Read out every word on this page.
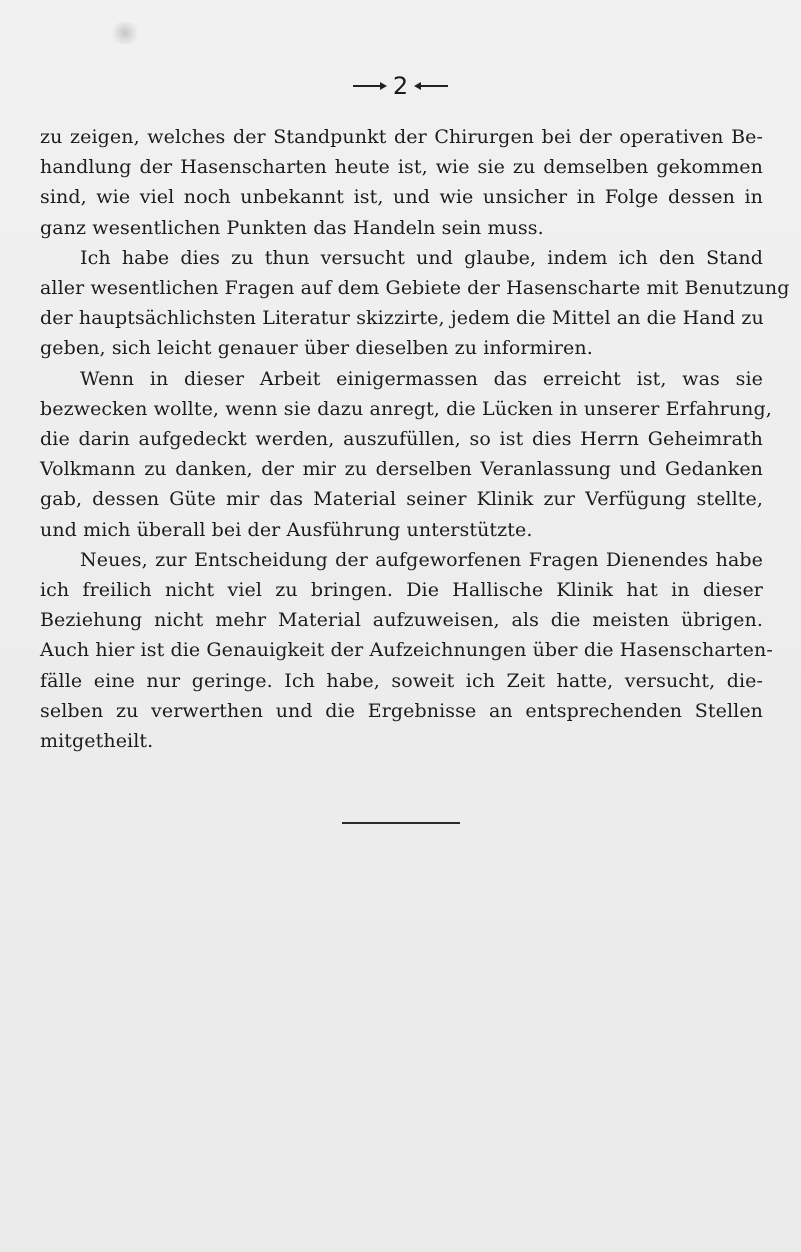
2

zu zeigen, welches der Standpunkt der Chirurgen bei der operativen Be-
handlung der Hasenscharten heute ist, wie sie zu demselben gekommen
sind, wie viel noch unbekannt ist, und wie unsicher in Folge dessen in
ganz wesentlichen Punkten das Handeln sein muss.

Ich habe dies zu thun versucht und glaube, indem ich den Stand
aller wesentlichen Fragen auf dem Gebiete der Hasenscharte mit Benutzung
der hauptsächlichsten Literatur skizzirte, jedem die Mittel an die Hand zu
geben, sich leicht genauer über dieselben zu informiren.

Wenn in dieser Arbeit einigermassen das erreicht ist, was sie
bezwecken wollte, wenn sie dazu anregt, die Lücken in unserer Erfahrung,
die darin aufgedeckt werden, auszufüllen, so ist dies Herrn Geheimrath
Volkmann zu danken, der mir zu derselben Veranlassung und Gedanken
gab, dessen Güte mir das Material seiner Klinik zur Verfügung stellte,
und mich überall bei der Ausführung unterstützte.

Neues, zur Entscheidung der aufgeworfenen Fragen Dienendes habe
ich freilich nicht viel zu bringen. Die Hallische Klinik hat in dieser
Beziehung nicht mehr Material aufzuweisen, als die meisten übrigen.
Auch hier ist die Genauigkeit der Aufzeichnungen über die Hasenscharten-
fälle eine nur geringe. Ich habe, soweit ich Zeit hatte, versucht, die-
selben zu verwerthen und die Ergebnisse an entsprechenden Stellen
mitgetheilt.
